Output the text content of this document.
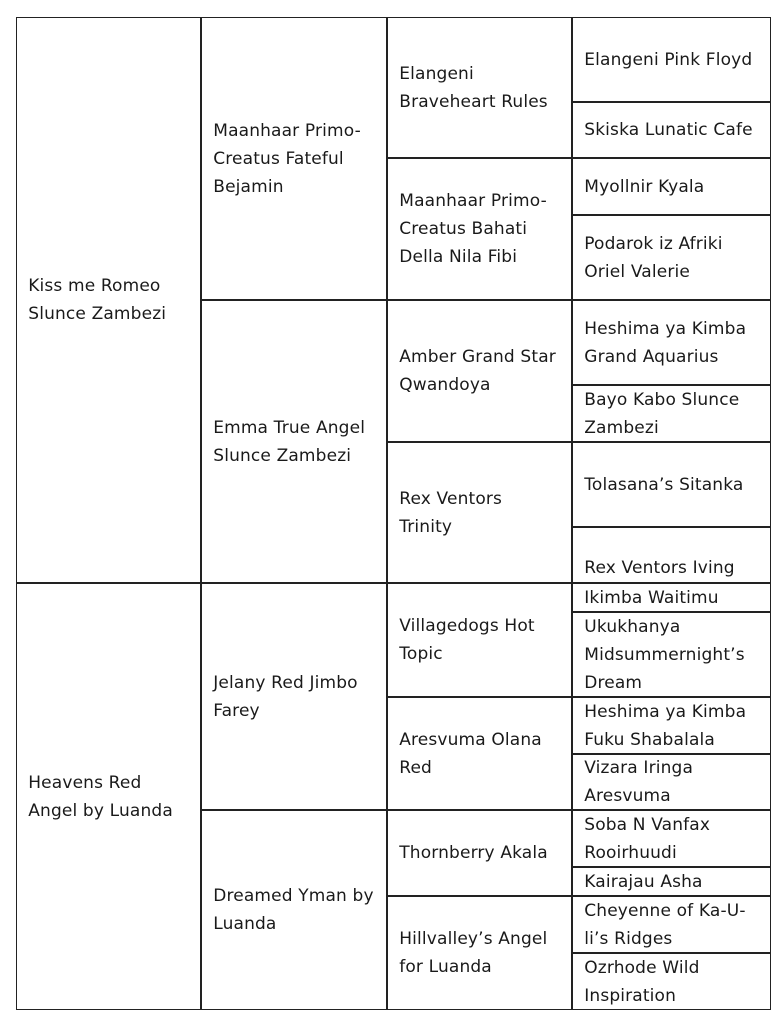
Kiss me Romeo Slunce Zambezi
Heavens Red Angel by Luanda
Maanhaar Primo-Creatus Fateful Bejamin
Emma True Angel Slunce Zambezi
Jelany Red Jimbo Farey
Dreamed Yman by Luanda
Elangeni Braveheart Rules
Maanhaar Primo-Creatus Bahati Della Nila Fibi
Amber Grand Star Qwandoya
Rex Ventors Trinity
Villagedogs Hot Topic
Aresvuma Olana Red
Thornberry Akala
Hillvalley’s Angel for Luanda
Elangeni Pink Floyd
Skiska Lunatic Cafe
Myollnir Kyala
Podarok iz Afriki Oriel Valerie
Heshima ya Kimba Grand Aquarius
Bayo Kabo Slunce Zambezi
Tolasana’s Sitanka
Rex Ventors Iving
Ikimba Waitimu
Ukukhanya Midsummernight’s Dream
Heshima ya Kimba Fuku Shabalala
Vizara Iringa Aresvuma
Soba N Vanfax Rooirhuudi
Kairajau Asha
Cheyenne of Ka-U-li’s Ridges
Ozrhode Wild Inspiration
